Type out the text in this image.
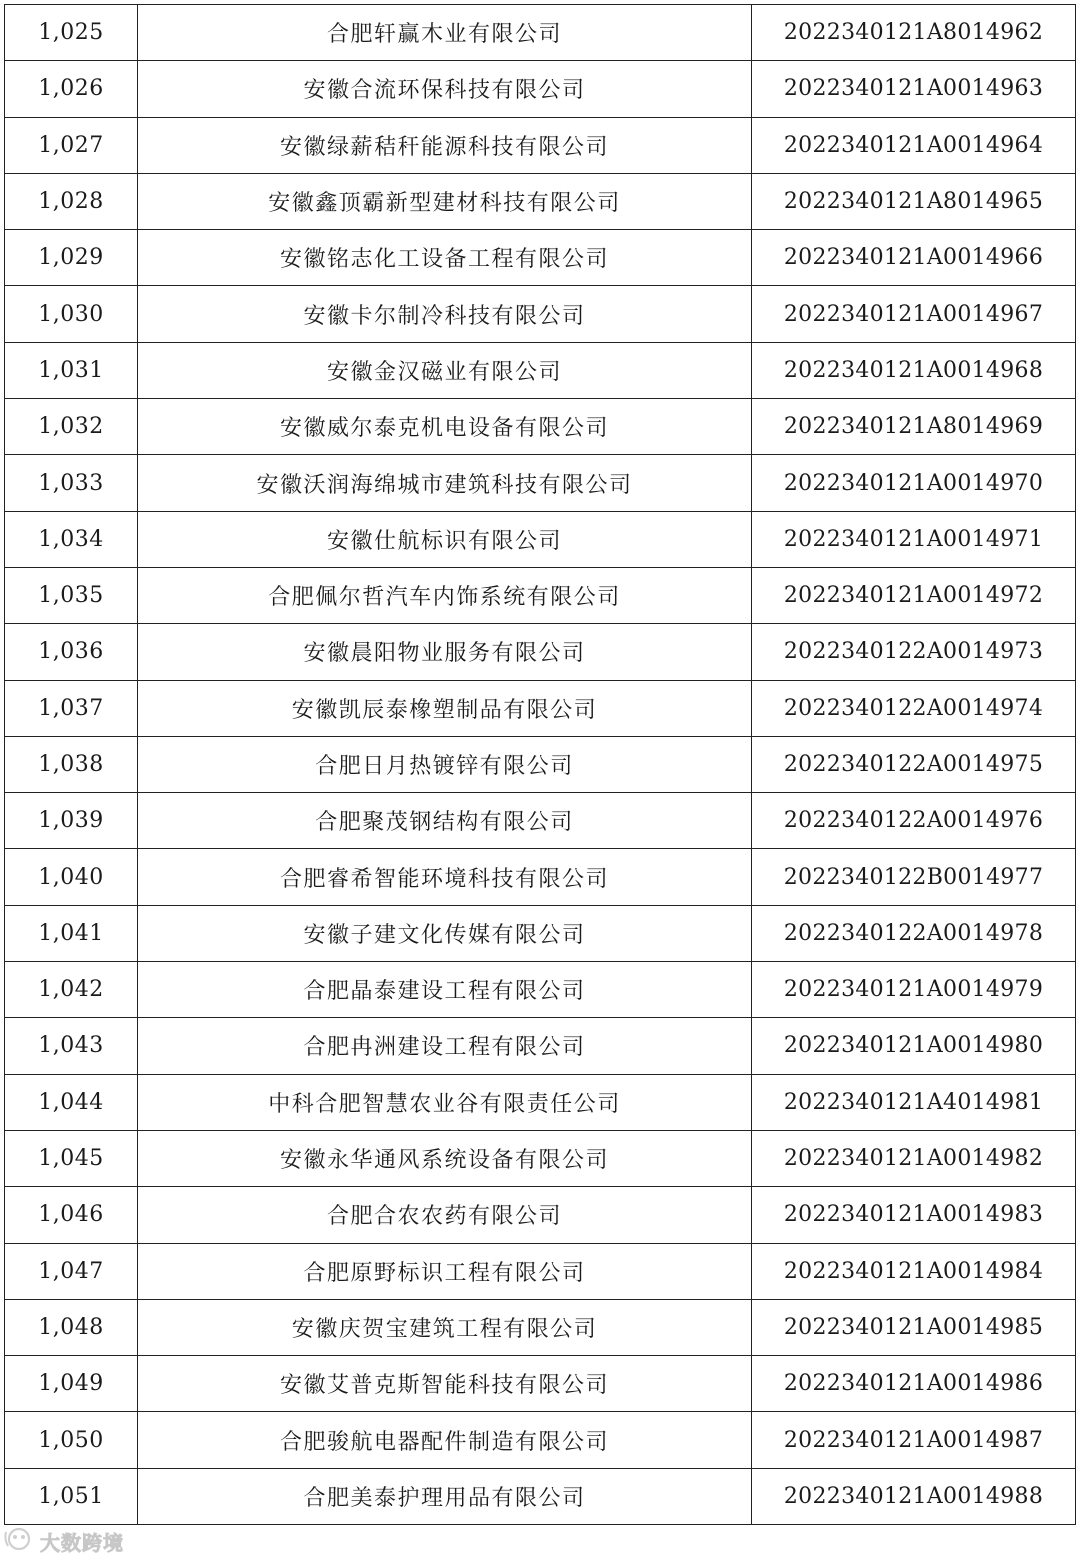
1,025	合肥轩赢木业有限公司	2022340121A8014962
1,026	安徽合流环保科技有限公司	2022340121A0014963
1,027	安徽绿薪秸秆能源科技有限公司	2022340121A0014964
1,028	安徽鑫顶霸新型建材科技有限公司	2022340121A8014965
1,029	安徽铭志化工设备工程有限公司	2022340121A0014966
1,030	安徽卡尔制冷科技有限公司	2022340121A0014967
1,031	安徽金汉磁业有限公司	2022340121A0014968
1,032	安徽威尔泰克机电设备有限公司	2022340121A8014969
1,033	安徽沃润海绵城市建筑科技有限公司	2022340121A0014970
1,034	安徽仕航标识有限公司	2022340121A0014971
1,035	合肥佩尔哲汽车内饰系统有限公司	2022340121A0014972
1,036	安徽晨阳物业服务有限公司	2022340122A0014973
1,037	安徽凯辰泰橡塑制品有限公司	2022340122A0014974
1,038	合肥日月热镀锌有限公司	2022340122A0014975
1,039	合肥聚茂钢结构有限公司	2022340122A0014976
1,040	合肥睿希智能环境科技有限公司	2022340122B0014977
1,041	安徽子建文化传媒有限公司	2022340122A0014978
1,042	合肥晶泰建设工程有限公司	2022340121A0014979
1,043	合肥冉洲建设工程有限公司	2022340121A0014980
1,044	中科合肥智慧农业谷有限责任公司	2022340121A4014981
1,045	安徽永华通风系统设备有限公司	2022340121A0014982
1,046	合肥合农农药有限公司	2022340121A0014983
1,047	合肥原野标识工程有限公司	2022340121A0014984
1,048	安徽庆贺宝建筑工程有限公司	2022340121A0014985
1,049	安徽艾普克斯智能科技有限公司	2022340121A0014986
1,050	合肥骏航电器配件制造有限公司	2022340121A0014987
1,051	合肥美泰护理用品有限公司	2022340121A0014988
大数跨境
